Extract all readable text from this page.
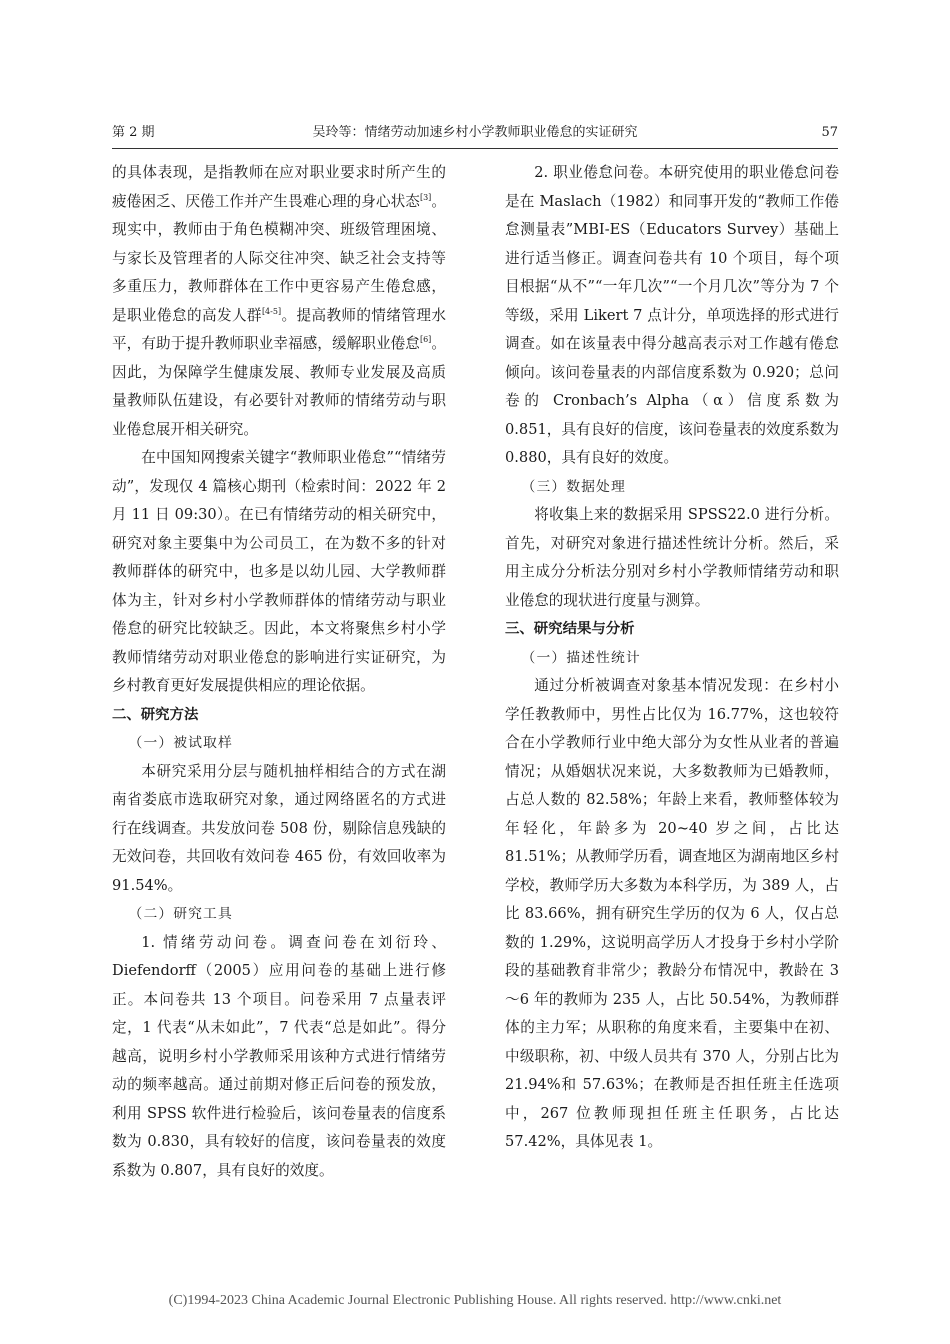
第 2 期	吴玲等：情绪劳动加速乡村小学教师职业倦怠的实证研究	57

的具体表现，是指教师在应对职业要求时所产生的疲倦困乏、厌倦工作并产生畏难心理的身心状态[3]。现实中，教师由于角色模糊冲突、班级管理困境、与家长及管理者的人际交往冲突、缺乏社会支持等多重压力，教师群体在工作中更容易产生倦怠感，是职业倦怠的高发人群[4-5]。提高教师的情绪管理水平，有助于提升教师职业幸福感，缓解职业倦怠[6]。因此，为保障学生健康发展、教师专业发展及高质量教师队伍建设，有必要针对教师的情绪劳动与职业倦怠展开相关研究。

在中国知网搜索关键字“教师职业倦怠”“情绪劳动”，发现仅 4 篇核心期刊（检索时间：2022 年 2 月 11 日 09:30）。在已有情绪劳动的相关研究中，研究对象主要集中为公司员工，在为数不多的针对教师群体的研究中，也多是以幼儿园、大学教师群体为主，针对乡村小学教师群体的情绪劳动与职业倦怠的研究比较缺乏。因此，本文将聚焦乡村小学教师情绪劳动对职业倦怠的影响进行实证研究，为乡村教育更好发展提供相应的理论依据。

二、研究方法

（一）被试取样

本研究采用分层与随机抽样相结合的方式在湖南省娄底市选取研究对象，通过网络匿名的方式进行在线调查。共发放问卷 508 份，剔除信息残缺的无效问卷，共回收有效问卷 465 份，有效回收率为 91.54%。

（二）研究工具

1. 情绪劳动问卷。调查问卷在刘衍玲、Diefendorff（2005）应用问卷的基础上进行修正。本问卷共 13 个项目。问卷采用 7 点量表评定，1 代表“从未如此”，7 代表“总是如此”。得分越高，说明乡村小学教师采用该种方式进行情绪劳动的频率越高。通过前期对修正后问卷的预发放，利用 SPSS 软件进行检验后，该问卷量表的信度系数为 0.830，具有较好的信度，该问卷量表的效度系数为 0.807，具有良好的效度。

2. 职业倦怠问卷。本研究使用的职业倦怠问卷是在 Maslach（1982）和同事开发的“教师工作倦怠测量表”MBI-ES（Educators Survey）基础上进行适当修正。调查问卷共有 10 个项目，每个项目根据“从不”“一年几次”“一个月几次”等分为 7 个等级，采用 Likert 7 点计分，单项选择的形式进行调查。如在该量表中得分越高表示对工作越有倦怠倾向。该问卷量表的内部信度系数为 0.920；总问卷的 Cronbach’s Alpha（α）信度系数为 0.851，具有良好的信度，该问卷量表的效度系数为 0.880，具有良好的效度。

（三）数据处理

将收集上来的数据采用 SPSS22.0 进行分析。首先，对研究对象进行描述性统计分析。然后，采用主成分分析法分别对乡村小学教师情绪劳动和职业倦怠的现状进行度量与测算。

三、研究结果与分析

（一）描述性统计

通过分析被调查对象基本情况发现：在乡村小学任教教师中，男性占比仅为 16.77%，这也较符合在小学教师行业中绝大部分为女性从业者的普遍情况；从婚姻状况来说，大多数教师为已婚教师，占总人数的 82.58%；年龄上来看，教师整体较为年轻化，年龄多为 20~40 岁之间，占比达 81.51%；从教师学历看，调查地区为湖南地区乡村学校，教师学历大多数为本科学历，为 389 人，占比 83.66%，拥有研究生学历的仅为 6 人，仅占总数的 1.29%，这说明高学历人才投身于乡村小学阶段的基础教育非常少；教龄分布情况中，教龄在 3～6 年的教师为 235 人，占比 50.54%，为教师群体的主力军；从职称的角度来看，主要集中在初、中级职称，初、中级人员共有 370 人，分别占比为 21.94%和 57.63%；在教师是否担任班主任选项中，267 位教师现担任班主任职务，占比达 57.42%，具体见表 1。

(C)1994-2023 China Academic Journal Electronic Publishing House. All rights reserved. http://www.cnki.net
